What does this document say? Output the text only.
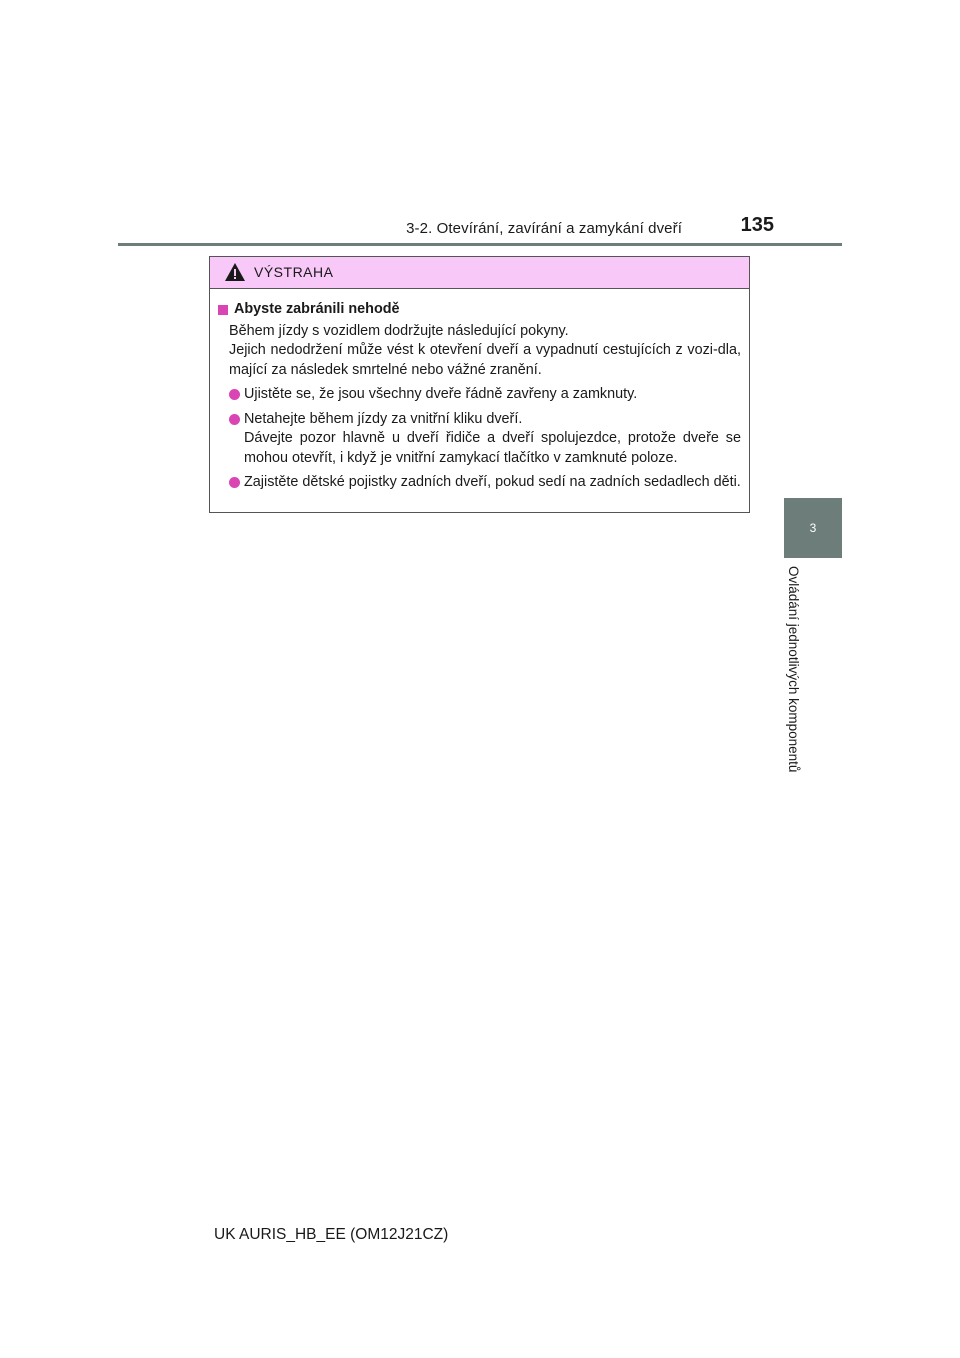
3-2. Otevírání, zavírání a zamykání dveří	135
3
Ovládání jednotlivých komponentů
VÝSTRAHA
Abyste zabránili nehodě

Během jízdy s vozidlem dodržujte následující pokyny.

Jejich nedodržení může vést k otevření dveří a vypadnutí cestujících z vozi-dla, mající za následek smrtelné nebo vážné zranění.

Ujistěte se, že jsou všechny dveře řádně zavřeny a zamknuty.

Netahejte během jízdy za vnitřní kliku dveří.

Dávejte pozor hlavně u dveří řidiče a dveří spolujezdce, protože dveře se mohou otevřít, i když je vnitřní zamykací tlačítko v zamknuté poloze.

Zajistěte dětské pojistky zadních dveří, pokud sedí na zadních sedadlech děti.

UK AURIS_HB_EE (OM12J21CZ)
